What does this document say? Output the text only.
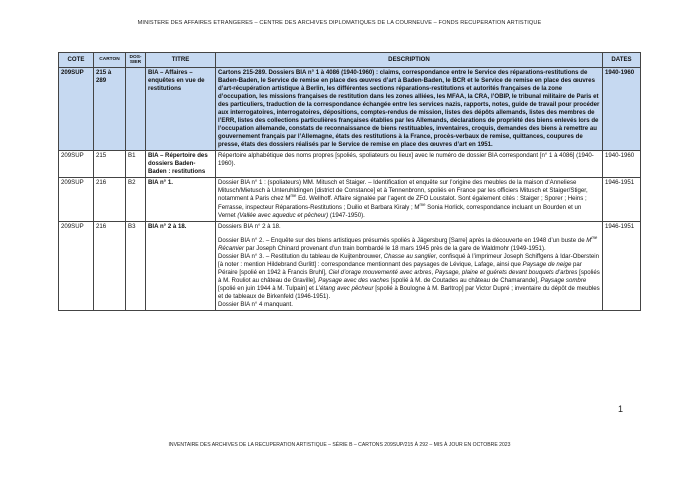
MINISTERE DES AFFAIRES ETRANGERES – CENTRE DES ARCHIVES DIPLOMATIQUES DE LA COURNEUVE – FONDS RECUPERATION ARTISTIQUE
COTE	CARTON	DOS-SIER	TITRE	DESCRIPTION	DATES
209SUP	215 à 289		BIA – Affaires – enquêtes en vue de restitutions	Cartons 215-289. Dossiers BIA n° 1 à 4086 (1940-1960) : claims, correspondance entre le Service des réparations-restitutions de Baden-Baden, le Service de remise en place des œuvres d’art à Baden-Baden, le BCR et le Service de remise en place des œuvres d’art-récupération artistique à Berlin, les différentes sections réparations-restitutions et autorités françaises de la zone d’occupation, les missions françaises de restitution dans les zones alliées, les MFAA, la CRA, l’OBIP, le tribunal militaire de Paris et des particuliers, traduction de la correspondance échangée entre les services nazis, rapports, notes, guide de travail pour procéder aux interrogatoires, interrogatoires, dépositions, comptes-rendus de mission, listes des dépôts allemands, listes des membres de l’ERR, listes des collections particulières françaises établies par les Allemands, déclarations de propriété des biens enlevés lors de l’occupation allemande, constats de reconnaissance de biens restituables, inventaires, croquis, demandes des biens à remettre au gouvernement français par l’Allemagne, états des restitutions à la France, procès-verbaux de remise, quittances, coupures de presse, états des dossiers réalisés par le Service de remise en place des œuvres d’art en 1951.	1940-1960
209SUP	215	B1	BIA – Répertoire des dossiers Baden-Baden : restitutions	Répertoire alphabétique des noms propres [spoliés, spoliateurs ou lieux] avec le numéro de dossier BIA correspondant [n° 1 à 4086] (1940-1960).	1940-1960
209SUP	216	B2	BIA n° 1.	Dossier BIA n° 1 : (spoliateurs) MM. Mitusch et Staiger. – Identification et enquête sur l’origine des meubles de la maison d’Anneliese Mitusch/Mietusch à Unteruhldingen [district de Constance] et à Tennenbronn, spoliés en France par les officiers Mitusch et Staiger/Stiger, notamment à Paris chez $M^{me}$ Ed. Wellhoff. Affaire signalée par l’agent de ZFO Loustalot. Sont également cités : Staiger ; Sporer ; Heins ; Ferrasse, inspecteur Réparations-Restitutions ; Duilio et Barbara Kiraly ; $M^{me}$ Sonia Horlick, correspondance incluant un Bourden et un Vernet (Vallée avec aqueduc et pêcheur) (1947-1950).	1946-1951
209SUP	216	B3	BIA n° 2 à 18.	Dossiers BIA n° 2 à 18.

Dossier BIA n° 2. – Enquête sur des biens artistiques présumés spoliés à Jägersburg [Sarre] après la découverte en 1948 d’un buste de $M^{me}$ Récamier par Joseph Chinard provenant d’un train bombardé le 18 mars 1945 près de la gare de Waldmohr (1949-1951).

Dossier BIA n° 3. – Restitution du tableau de Kuijtenbrouwer, Chasse au sanglier, confisqué à l’imprimeur Joseph Schiffgens à Idar-Oberstein [à noter : mention Hildebrand Gurlitt] : correspondance mentionnant des paysages de Lévique, Lafage, ainsi que Paysage de neige par Péraire [spolié en 1942 à Francis Bruhl], Ciel d’orage mouvementé avec arbres, Paysage, plaine et guérets devant bouquets d’arbres [spoliés à M. Rouliot au château de Graville], Paysage avec des vaches [spolié à M. de Coutades au château de Chamarande], Paysage sombre [spolié en juin 1944 à M. Tulpain] et L’étang avec pêcheur [spolié à Boulogne à M. Barltrop] par Victor Dupré ; inventaire du dépôt de meubles et de tableaux de Birkenfeld (1946-1951).

Dossier BIA n° 4 manquant.	1946-1951
1
INVENTAIRE DES ARCHIVES DE LA RECUPERATION ARTISTIQUE – SÉRIE B – CARTONS 209SUP/215 À 292 – MIS À JOUR EN OCTOBRE 2023
